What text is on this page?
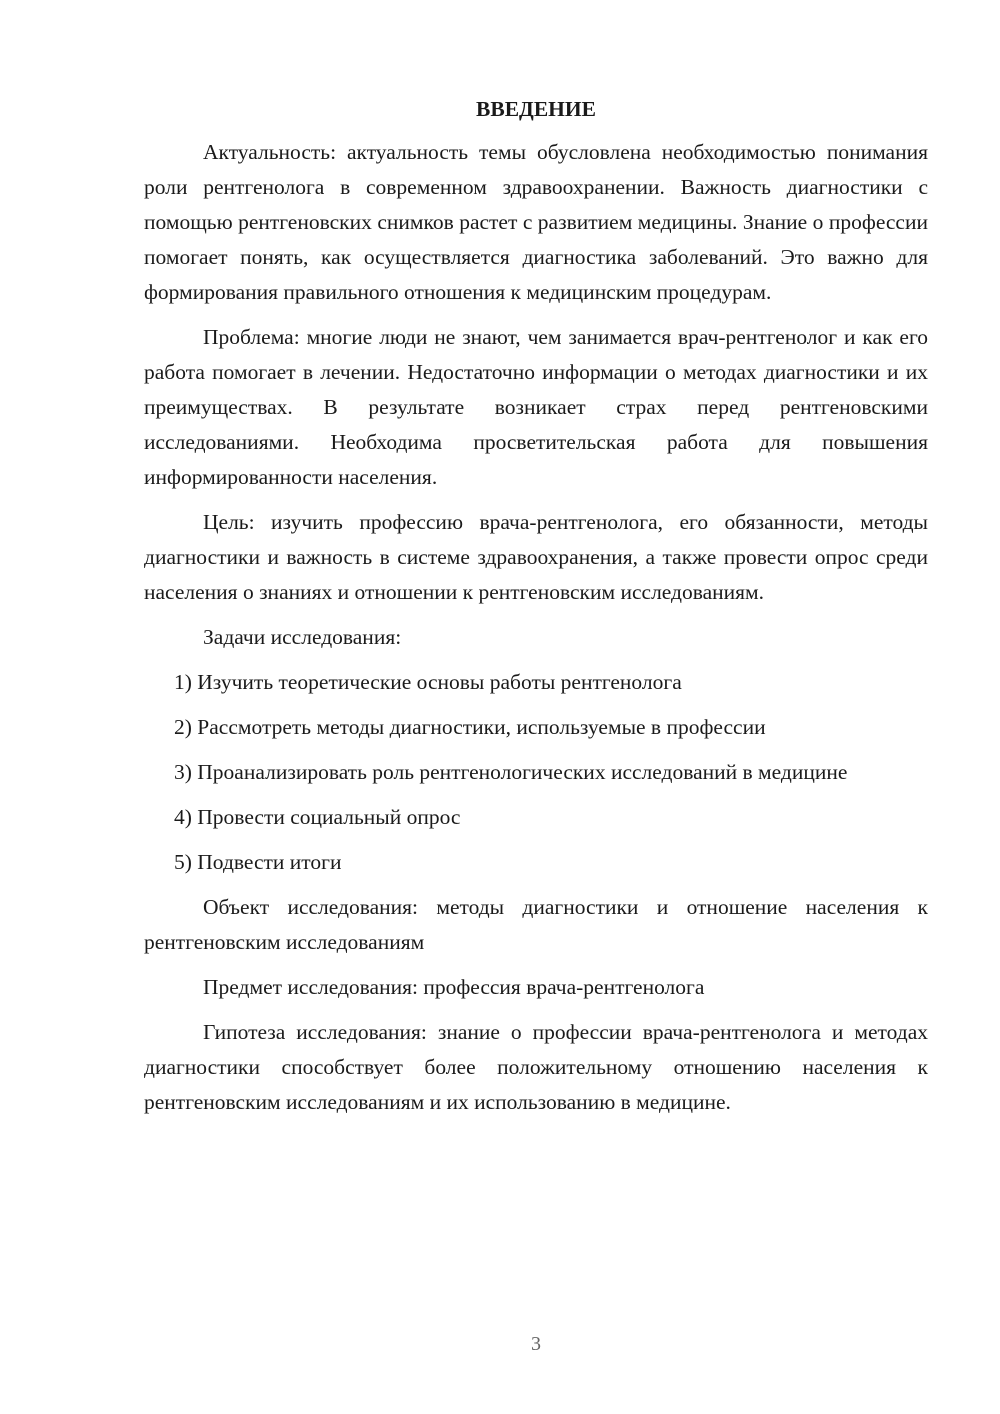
ВВЕДЕНИЕ

Актуальность: актуальность темы обусловлена необходимостью понимания роли рентгенолога в современном здравоохранении. Важность диагностики с помощью рентгеновских снимков растет с развитием медицины. Знание о профессии помогает понять, как осуществляется диагностика заболеваний. Это важно для формирования правильного отношения к медицинским процедурам.

Проблема: многие люди не знают, чем занимается врач-рентгенолог и как его работа помогает в лечении. Недостаточно информации о методах диагностики и их преимуществах. В результате возникает страх перед рентгеновскими исследованиями. Необходима просветительская работа для повышения информированности населения.

Цель: изучить профессию врача-рентгенолога, его обязанности, методы диагностики и важность в системе здравоохранения, а также провести опрос среди населения о знаниях и отношении к рентгеновским исследованиям.

Задачи исследования:

1) Изучить теоретические основы работы рентгенолога
2) Рассмотреть методы диагностики, используемые в профессии
3) Проанализировать роль рентгенологических исследований в медицине
4) Провести социальный опрос
5) Подвести итоги

Объект исследования: методы диагностики и отношение населения к рентгеновским исследованиям

Предмет исследования: профессия врача-рентгенолога

Гипотеза исследования: знание о профессии врача-рентгенолога и методах диагностики способствует более положительному отношению населения к рентгеновским исследованиям и их использованию в медицине.

3
